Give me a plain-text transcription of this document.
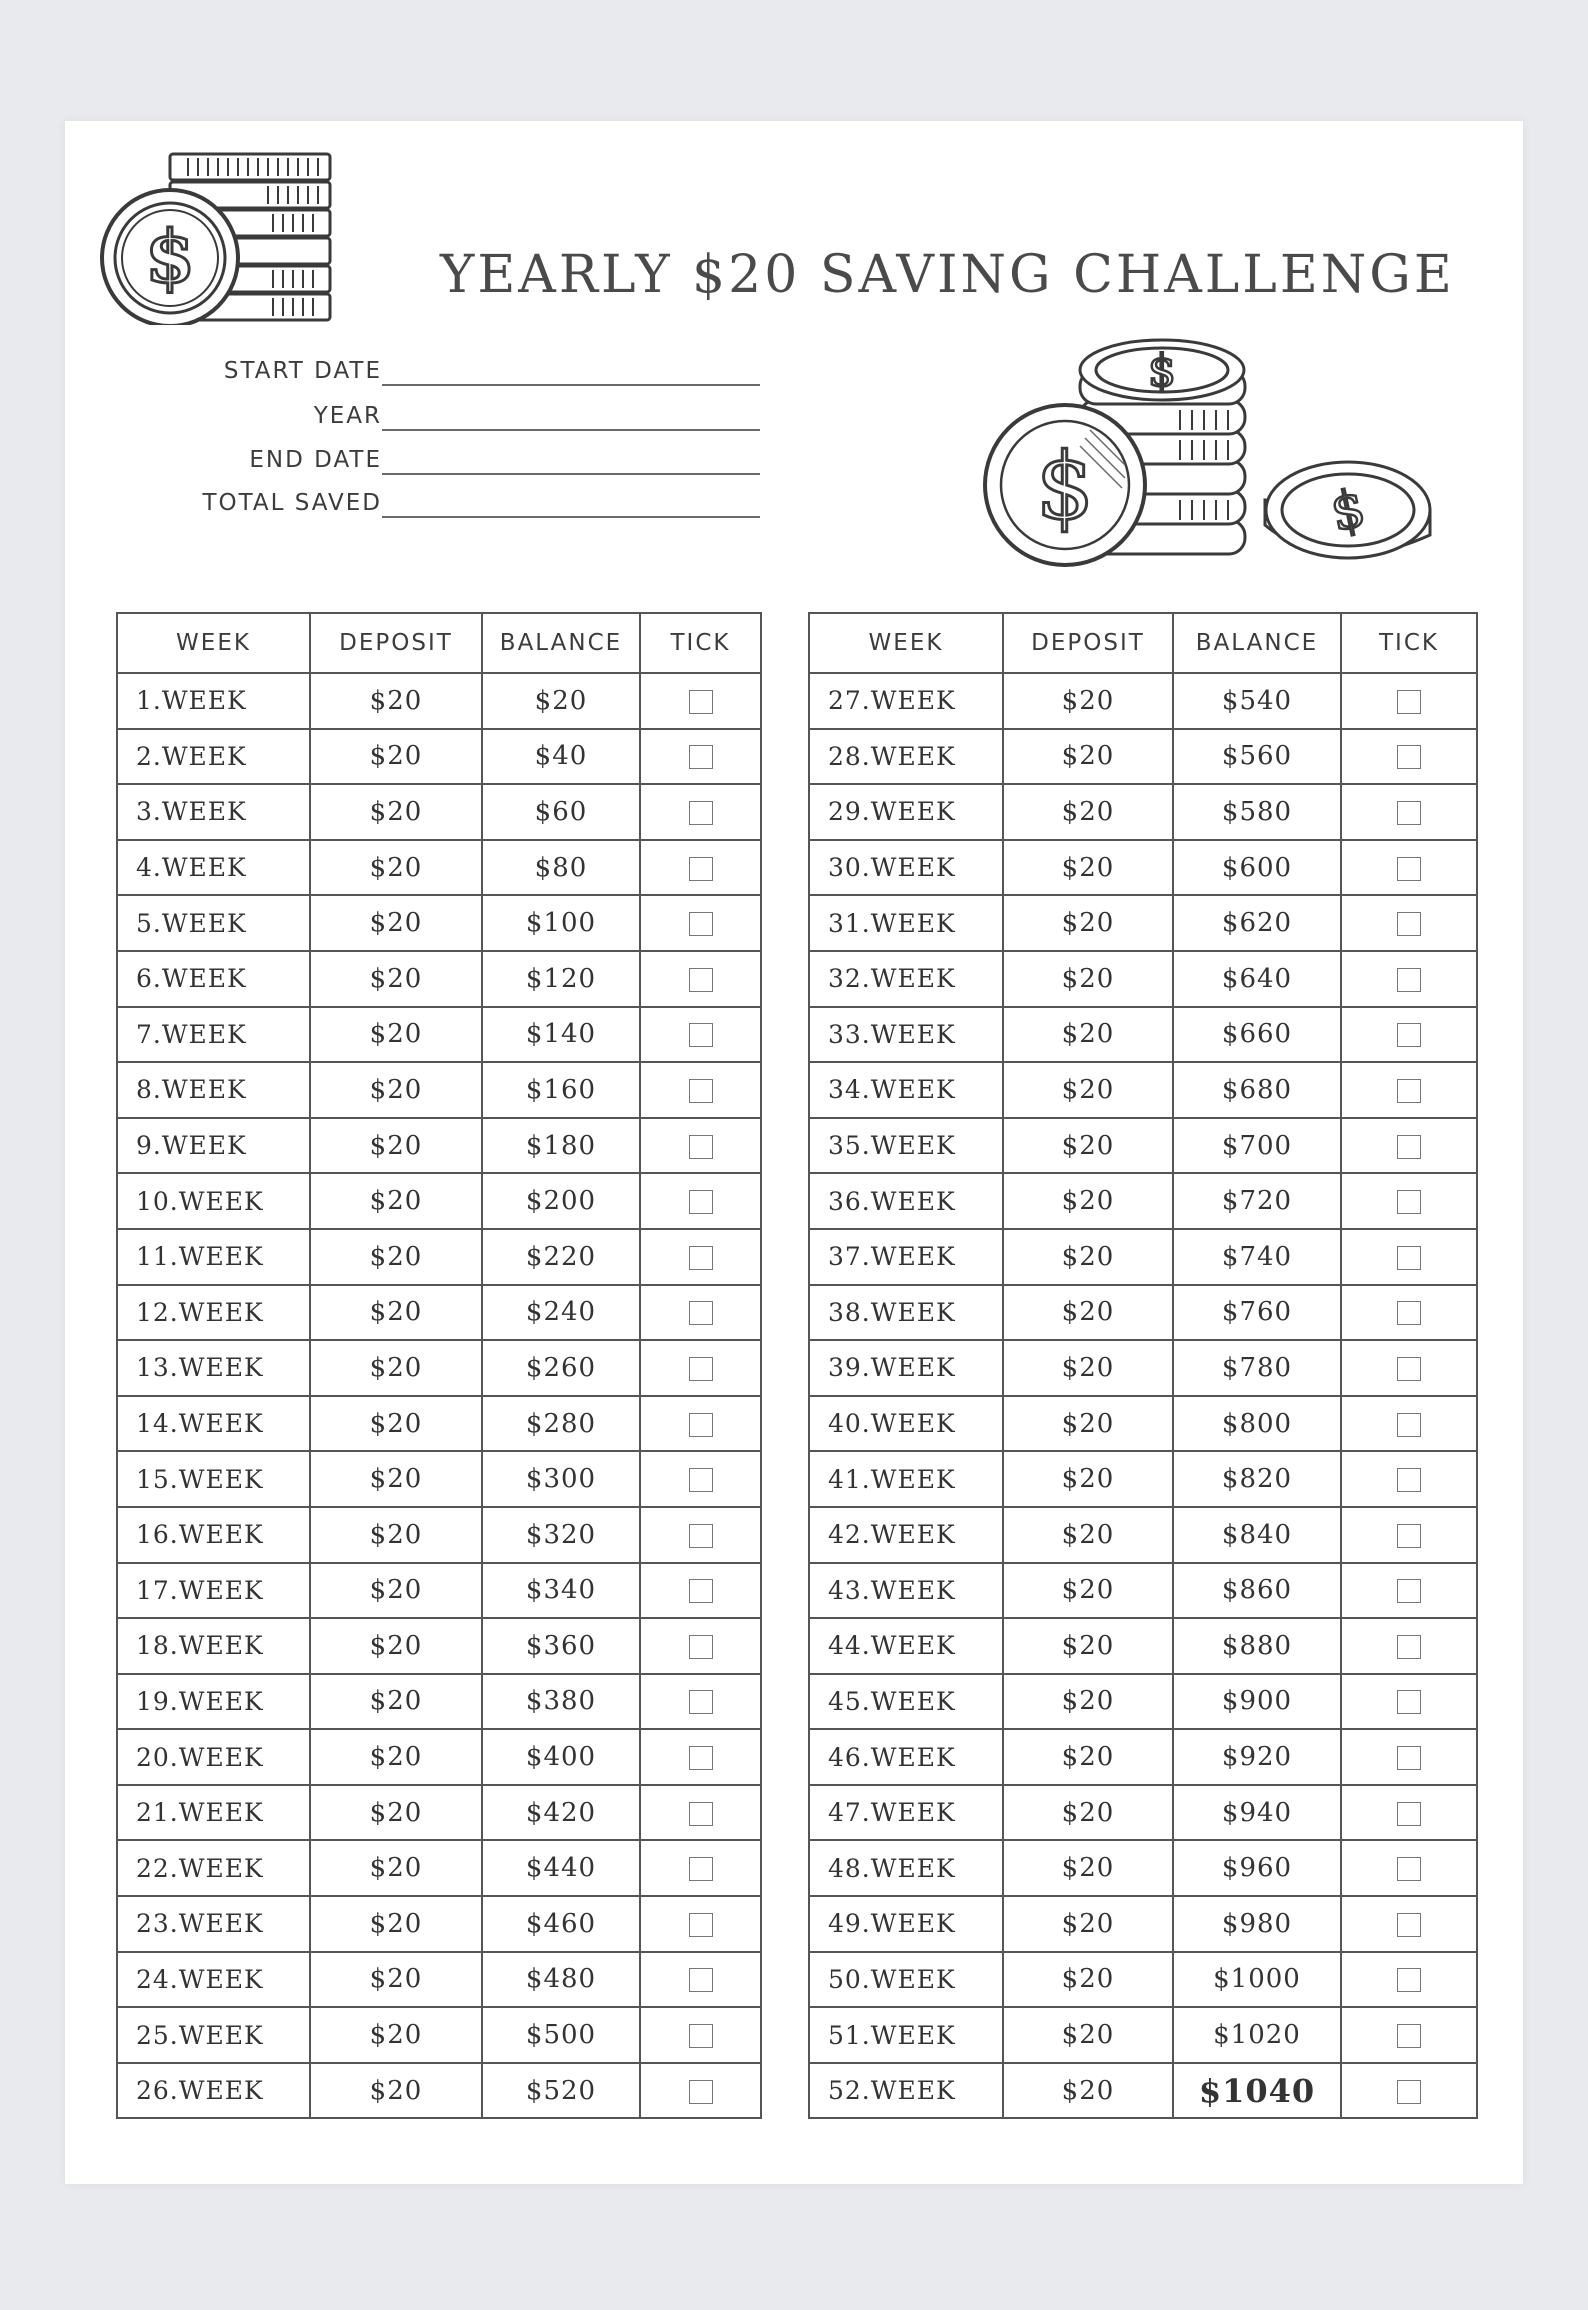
$
$
$	$
YEARLY $20 SAVING CHALLENGE
START DATE
YEAR
END DATE
TOTAL SAVED
WEEK	DEPOSIT	BALANCE	TICK
1.WEEK	$20	$20	
2.WEEK	$20	$40	
3.WEEK	$20	$60	
4.WEEK	$20	$80	
5.WEEK	$20	$100	
6.WEEK	$20	$120	
7.WEEK	$20	$140	
8.WEEK	$20	$160	
9.WEEK	$20	$180	
10.WEEK	$20	$200	
11.WEEK	$20	$220	
12.WEEK	$20	$240	
13.WEEK	$20	$260	
14.WEEK	$20	$280	
15.WEEK	$20	$300	
16.WEEK	$20	$320	
17.WEEK	$20	$340	
18.WEEK	$20	$360	
19.WEEK	$20	$380	
20.WEEK	$20	$400	
21.WEEK	$20	$420	
22.WEEK	$20	$440	
23.WEEK	$20	$460	
24.WEEK	$20	$480	
25.WEEK	$20	$500	
26.WEEK	$20	$520	
WEEK	DEPOSIT	BALANCE	TICK
27.WEEK	$20	$540	
28.WEEK	$20	$560	
29.WEEK	$20	$580	
30.WEEK	$20	$600	
31.WEEK	$20	$620	
32.WEEK	$20	$640	
33.WEEK	$20	$660	
34.WEEK	$20	$680	
35.WEEK	$20	$700	
36.WEEK	$20	$720	
37.WEEK	$20	$740	
38.WEEK	$20	$760	
39.WEEK	$20	$780	
40.WEEK	$20	$800	
41.WEEK	$20	$820	
42.WEEK	$20	$840	
43.WEEK	$20	$860	
44.WEEK	$20	$880	
45.WEEK	$20	$900	
46.WEEK	$20	$920	
47.WEEK	$20	$940	
48.WEEK	$20	$960	
49.WEEK	$20	$980	
50.WEEK	$20	$1000	
51.WEEK	$20	$1020	
52.WEEK	$20	$1040	
